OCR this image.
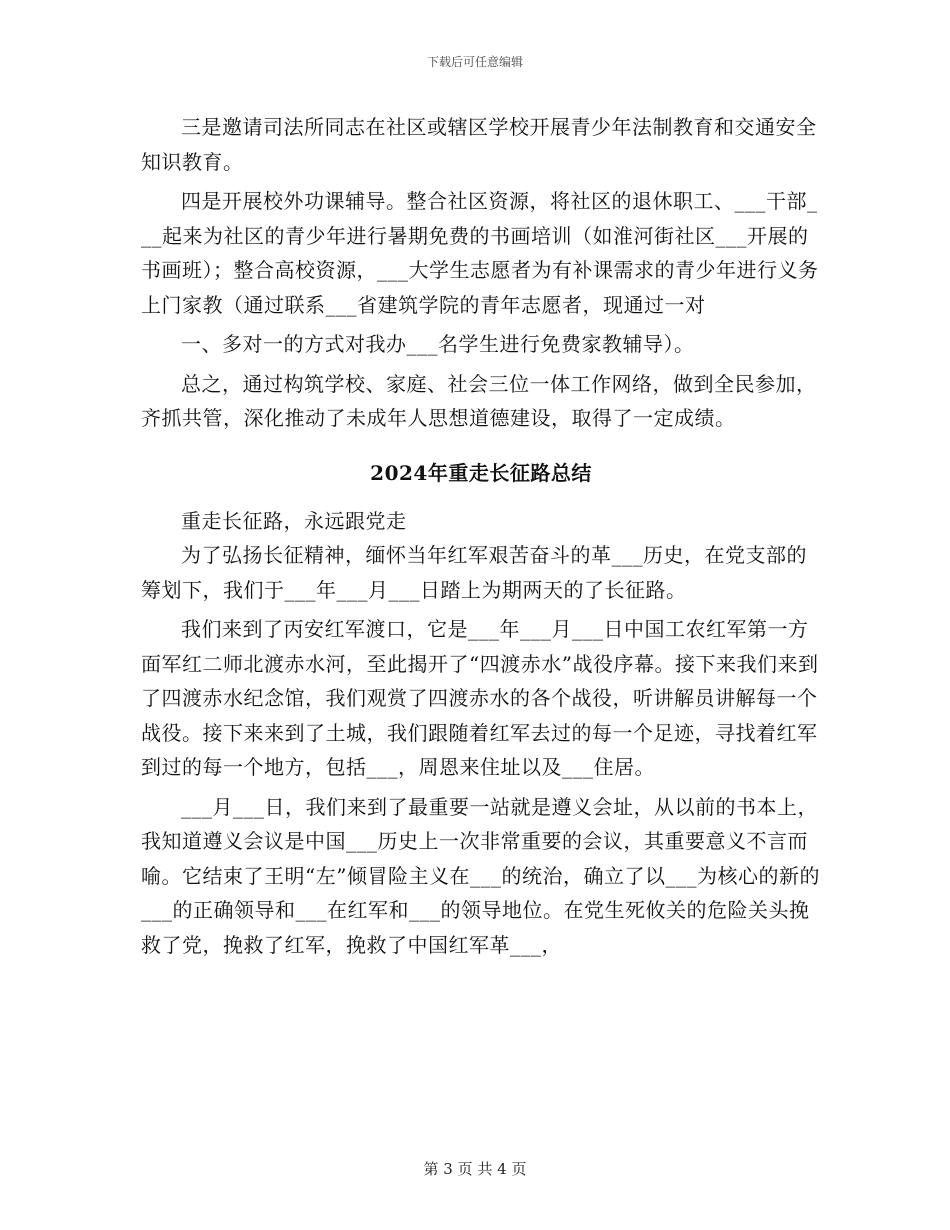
下载后可任意编辑

三是邀请司法所同志在社区或辖区学校开展青少年法制教育和交通安全知识教育。

四是开展校外功课辅导。整合社区资源，将社区的退休职工、___干部___起来为社区的青少年进行暑期免费的书画培训（如淮河街社区___开展的书画班）；整合高校资源，___大学生志愿者为有补课需求的青少年进行义务上门家教（通过联系___省建筑学院的青年志愿者，现通过一对

一、多对一的方式对我办___名学生进行免费家教辅导）。

总之，通过构筑学校、家庭、社会三位一体工作网络，做到全民参加，齐抓共管，深化推动了未成年人思想道德建设，取得了一定成绩。

2024年重走长征路总结

重走长征路，永远跟党走

为了弘扬长征精神，缅怀当年红军艰苦奋斗的革___历史，在党支部的筹划下，我们于___年___月___日踏上为期两天的了长征路。

我们来到了丙安红军渡口，它是___年___月___日中国工农红军第一方面军红二师北渡赤水河，至此揭开了“四渡赤水”战役序幕。接下来我们来到了四渡赤水纪念馆，我们观赏了四渡赤水的各个战役，听讲解员讲解每一个战役。接下来来到了土城，我们跟随着红军去过的每一个足迹，寻找着红军到过的每一个地方，包括___，周恩来住址以及___住居。

___月___日，我们来到了最重要一站就是遵义会址，从以前的书本上，我知道遵义会议是中国___历史上一次非常重要的会议，其重要意义不言而喻。它结束了王明“左”倾冒险主义在___的统治，确立了以___为核心的新的___的正确领导和___在红军和___的领导地位。在党生死攸关的危险关头挽救了党，挽救了红军，挽救了中国红军革___，

第 3 页 共 4 页
